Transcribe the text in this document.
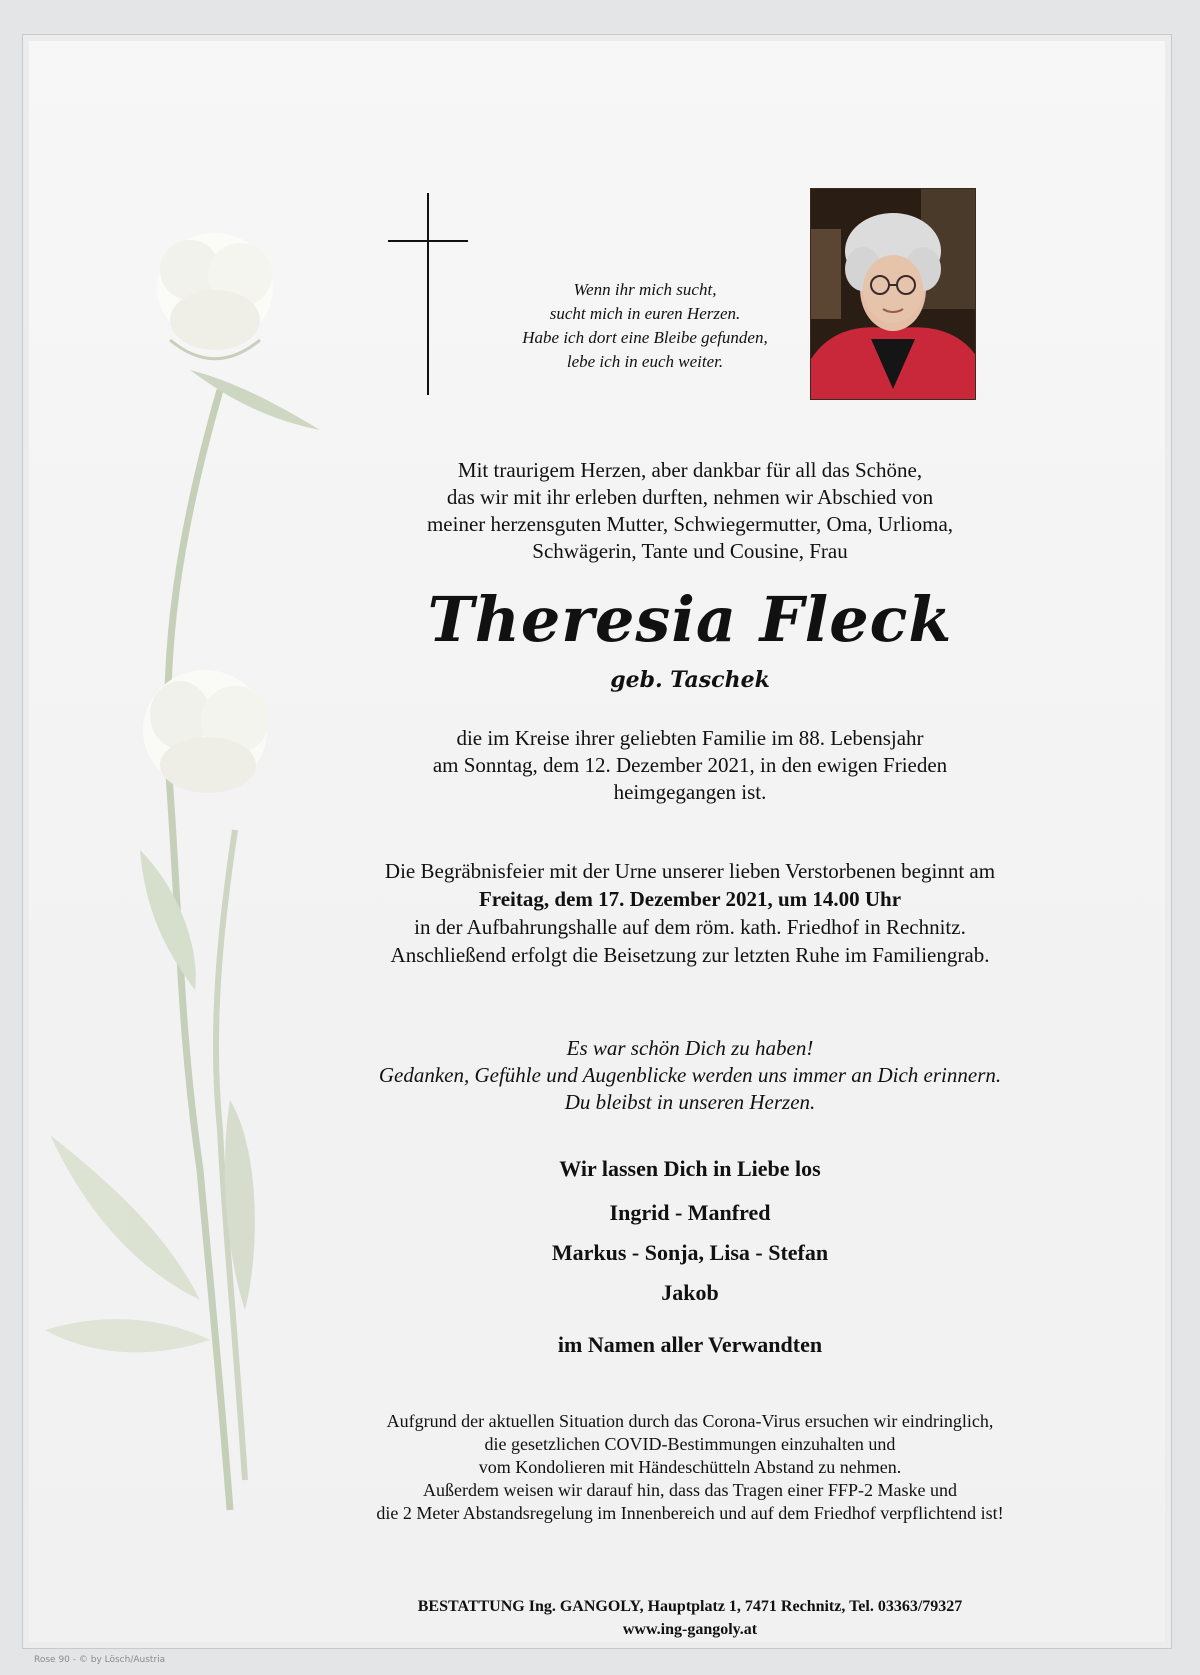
Wenn ihr mich sucht,
sucht mich in euren Herzen.
Habe ich dort eine Bleibe gefunden,
lebe ich in euch weiter.
Mit traurigem Herzen, aber dankbar für all das Schöne,
das wir mit ihr erleben durften, nehmen wir Abschied von
meiner herzensguten Mutter, Schwiegermutter, Oma, Urlioma,
Schwägerin, Tante und Cousine, Frau
Theresia Fleck
geb. Taschek
die im Kreise ihrer geliebten Familie im 88. Lebensjahr
am Sonntag, dem 12. Dezember 2021, in den ewigen Frieden
heimgegangen ist.
Die Begräbnisfeier mit der Urne unserer lieben Verstorbenen beginnt am
Freitag, dem 17. Dezember 2021, um 14.00 Uhr
in der Aufbahrungshalle auf dem röm. kath. Friedhof in Rechnitz.
Anschließend erfolgt die Beisetzung zur letzten Ruhe im Familiengrab.
Es war schön Dich zu haben!
Gedanken, Gefühle und Augenblicke werden uns immer an Dich erinnern.
Du bleibst in unseren Herzen.
Wir lassen Dich in Liebe los
Ingrid - Manfred
Markus - Sonja, Lisa - Stefan
Jakob
im Namen aller Verwandten
Aufgrund der aktuellen Situation durch das Corona-Virus ersuchen wir eindringlich,
die gesetzlichen COVID-Bestimmungen einzuhalten und
vom Kondolieren mit Händeschütteln Abstand zu nehmen.
Außerdem weisen wir darauf hin, dass das Tragen einer FFP-2 Maske und
die 2 Meter Abstandsregelung im Innenbereich und auf dem Friedhof verpflichtend ist!
BESTATTUNG Ing. GANGOLY, Hauptplatz 1, 7471 Rechnitz, Tel. 03363/79327
www.ing-gangoly.at
Rose 90 - © by Lösch/Austria
